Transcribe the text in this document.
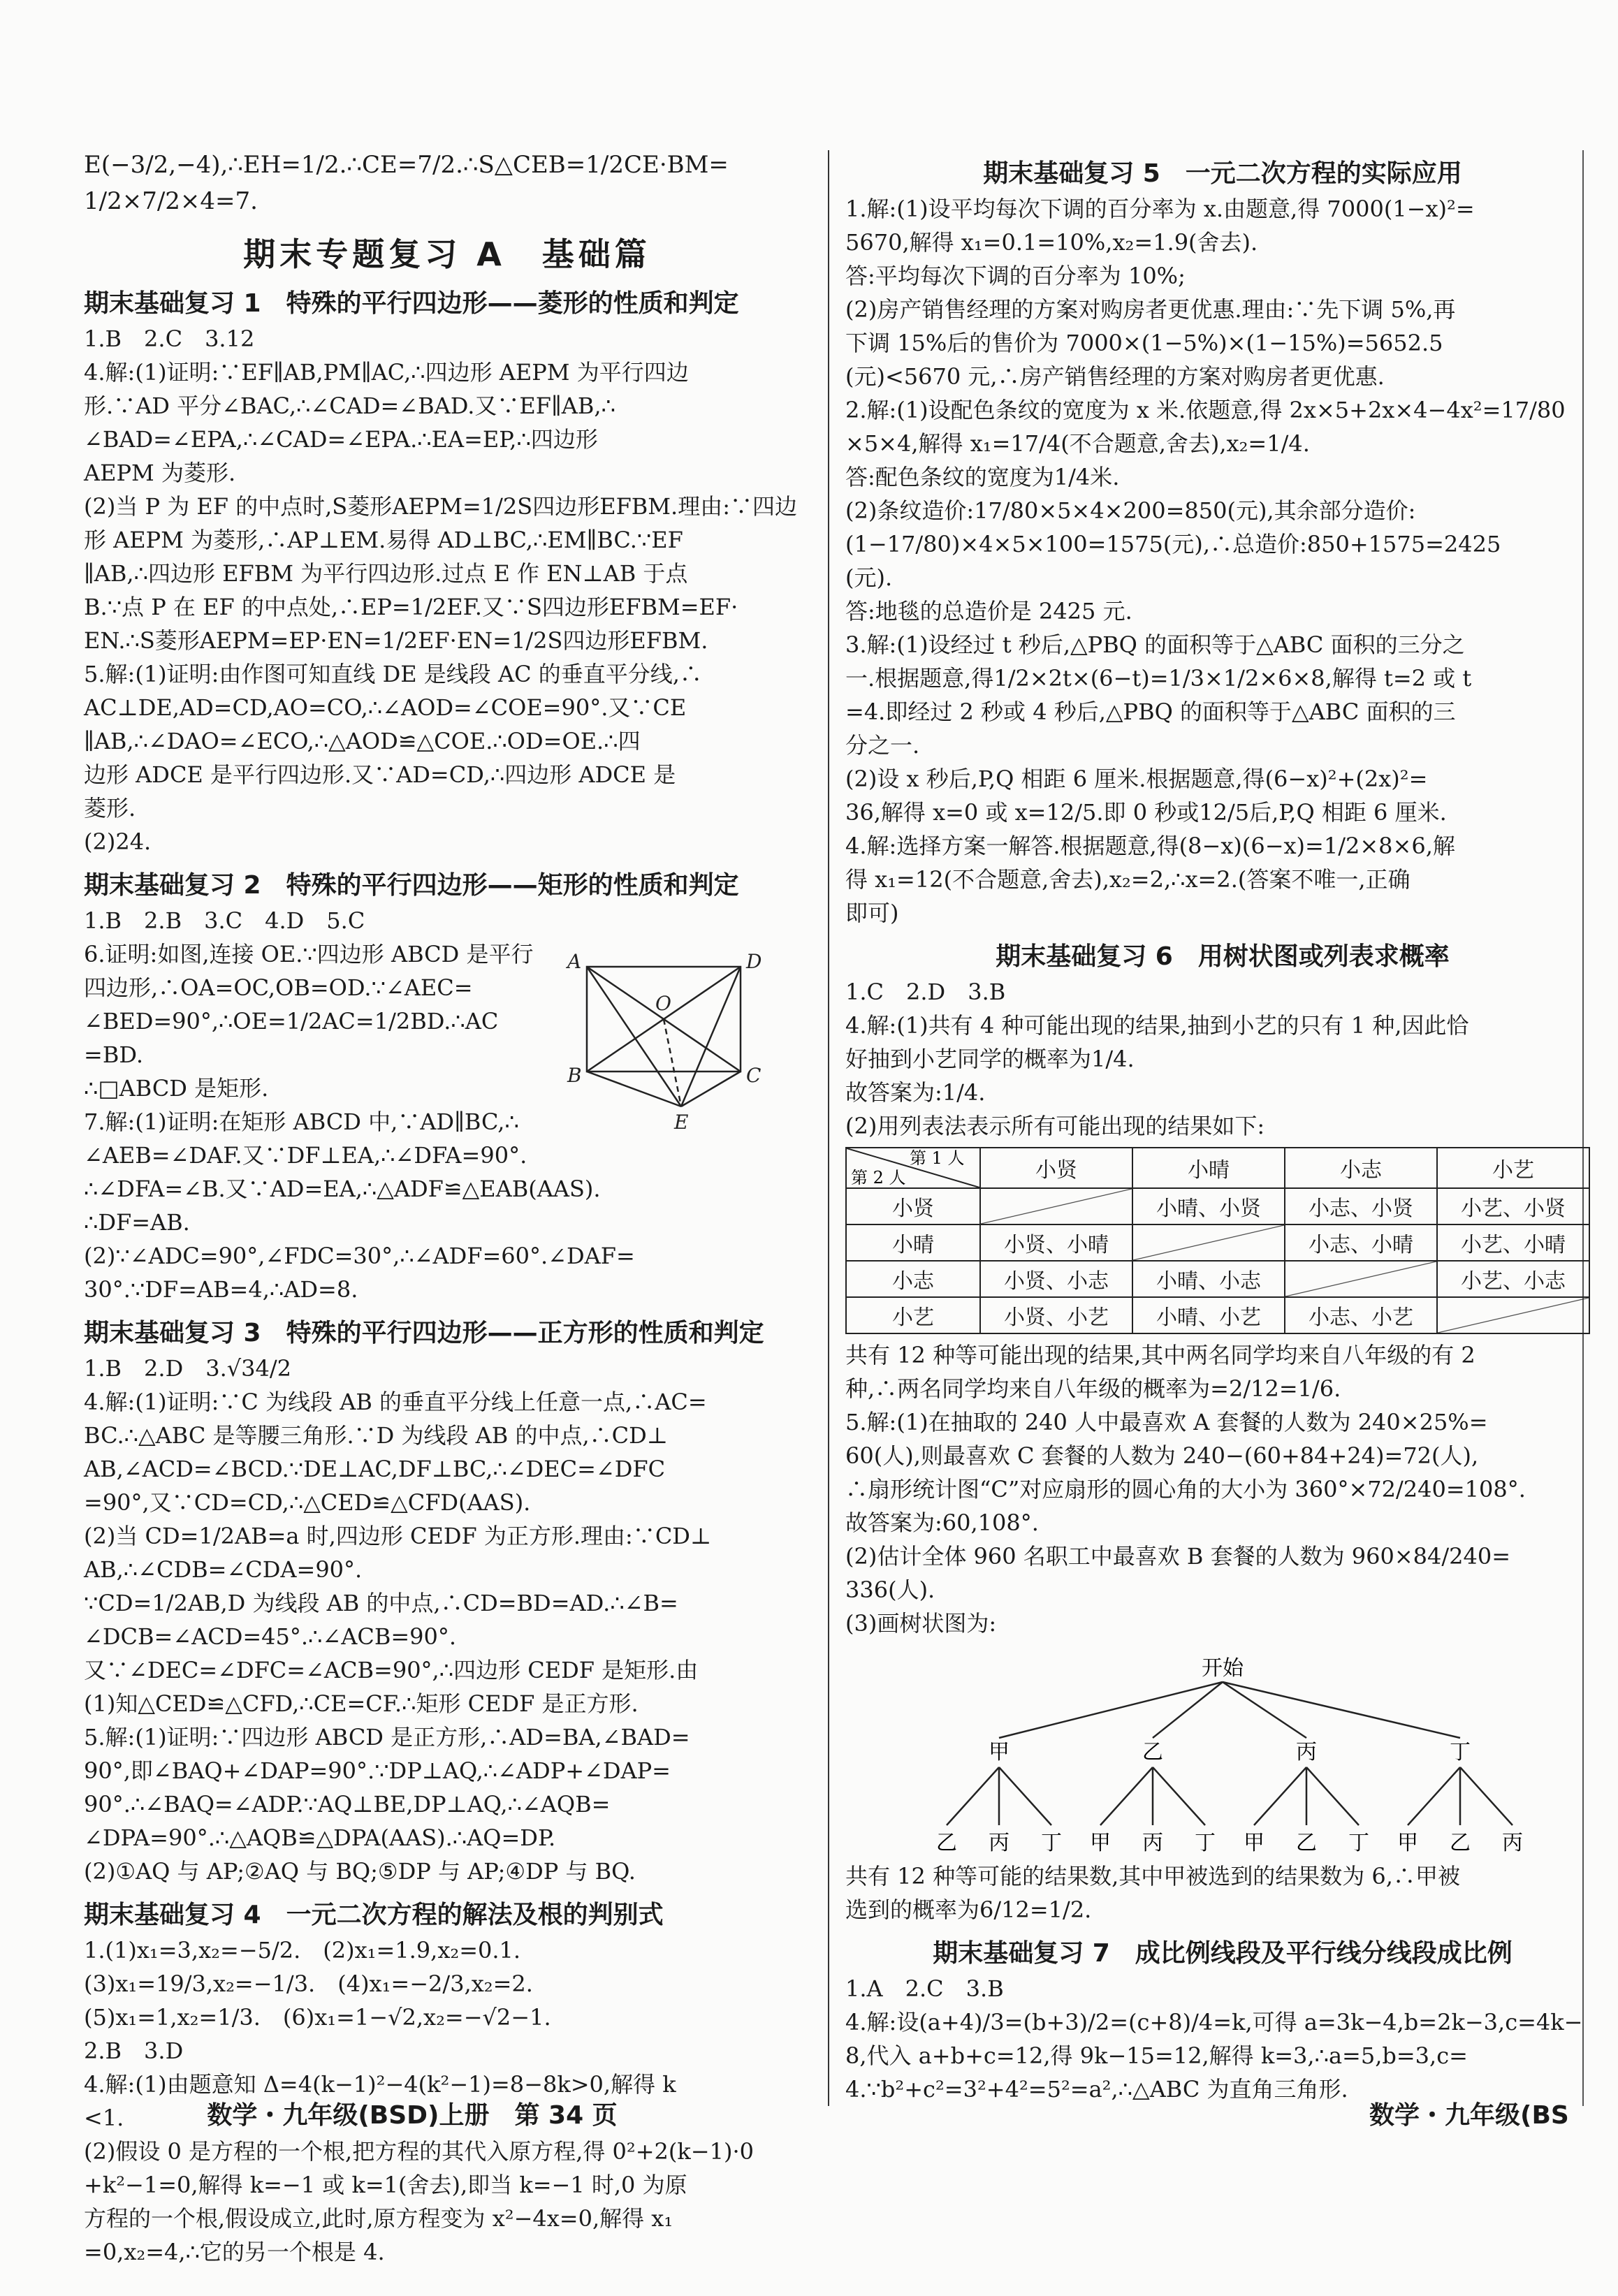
E(−3/2,−4),∴EH=1/2.∴CE=7/2.∴S△CEB=1/2CE·BM=

1/2×7/2×4=7.

期末专题复习 A　基础篇
期末基础复习 1　特殊的平行四边形——菱形的性质和判定

1.B　2.C　3.12

4.解:(1)证明:∵EF∥AB,PM∥AC,∴四边形 AEPM 为平行四边

形.∵AD 平分∠BAC,∴∠CAD=∠BAD.又∵EF∥AB,∴

∠BAD=∠EPA,∴∠CAD=∠EPA.∴EA=EP,∴四边形

AEPM 为菱形.

(2)当 P 为 EF 的中点时,S菱形AEPM=1/2S四边形EFBM.理由:∵四边

形 AEPM 为菱形,∴AP⊥EM.易得 AD⊥BC,∴EM∥BC.∵EF

∥AB,∴四边形 EFBM 为平行四边形.过点 E 作 EN⊥AB 于点

B.∵点 P 在 EF 的中点处,∴EP=1/2EF.又∵S四边形EFBM=EF·

EN.∴S菱形AEPM=EP·EN=1/2EF·EN=1/2S四边形EFBM.

5.解:(1)证明:由作图可知直线 DE 是线段 AC 的垂直平分线,∴

AC⊥DE,AD=CD,AO=CO,∴∠AOD=∠COE=90°.又∵CE

∥AB,∴∠DAO=∠ECO,∴△AOD≌△COE.∴OD=OE.∴四

边形 ADCE 是平行四边形.又∵AD=CD,∴四边形 ADCE 是

菱形.

(2)24.

期末基础复习 2　特殊的平行四边形——矩形的性质和判定

1.B　2.B　3.C　4.D　5.C

6.证明:如图,连接 OE.∵四边形 ABCD 是平行

四边形,∴OA=OC,OB=OD.∵∠AEC=

∠BED=90°,∴OE=1/2AC=1/2BD.∴AC

=BD.

∴□ABCD 是矩形.

7.解:(1)证明:在矩形 ABCD 中,∵AD∥BC,∴

∠AEB=∠DAF.又∵DF⊥EA,∴∠DFA=90°.

∴∠DFA=∠B.又∵AD=EA,∴△ADF≌△EAB(AAS).

∴DF=AB.

(2)∵∠ADC=90°,∠FDC=30°,∴∠ADF=60°.∠DAF=

30°.∵DF=AB=4,∴AD=8.

A	D
O
B	C
E
期末基础复习 3　特殊的平行四边形——正方形的性质和判定

1.B　2.D　3.√34/2

4.解:(1)证明:∵C 为线段 AB 的垂直平分线上任意一点,∴AC=

BC.∴△ABC 是等腰三角形.∵D 为线段 AB 的中点,∴CD⊥

AB,∠ACD=∠BCD.∵DE⊥AC,DF⊥BC,∴∠DEC=∠DFC

=90°,又∵CD=CD,∴△CED≌△CFD(AAS).

(2)当 CD=1/2AB=a 时,四边形 CEDF 为正方形.理由:∵CD⊥

AB,∴∠CDB=∠CDA=90°.

∵CD=1/2AB,D 为线段 AB 的中点,∴CD=BD=AD.∴∠B=

∠DCB=∠ACD=45°.∴∠ACB=90°.

又∵∠DEC=∠DFC=∠ACB=90°,∴四边形 CEDF 是矩形.由

(1)知△CED≌△CFD,∴CE=CF.∴矩形 CEDF 是正方形.

5.解:(1)证明:∵四边形 ABCD 是正方形,∴AD=BA,∠BAD=

90°,即∠BAQ+∠DAP=90°.∵DP⊥AQ,∴∠ADP+∠DAP=

90°.∴∠BAQ=∠ADP.∵AQ⊥BE,DP⊥AQ,∴∠AQB=

∠DPA=90°.∴△AQB≌△DPA(AAS).∴AQ=DP.

(2)①AQ 与 AP;②AQ 与 BQ;⑤DP 与 AP;④DP 与 BQ.

期末基础复习 4　一元二次方程的解法及根的判别式

1.(1)x₁=3,x₂=−5/2.　(2)x₁=1.9,x₂=0.1.

(3)x₁=19/3,x₂=−1/3.　(4)x₁=−2/3,x₂=2.

(5)x₁=1,x₂=1/3.　(6)x₁=1−√2,x₂=−√2−1.

2.B　3.D

4.解:(1)由题意知 Δ=4(k−1)²−4(k²−1)=8−8k>0,解得 k

<1.

(2)假设 0 是方程的一个根,把方程的其代入原方程,得 0²+2(k−1)·0

+k²−1=0,解得 k=−1 或 k=1(舍去),即当 k=−1 时,0 为原

方程的一个根,假设成立,此时,原方程变为 x²−4x=0,解得 x₁

=0,x₂=4,∴它的另一个根是 4.

期末基础复习 5　一元二次方程的实际应用

1.解:(1)设平均每次下调的百分率为 x.由题意,得 7000(1−x)²=

5670,解得 x₁=0.1=10%,x₂=1.9(舍去).

答:平均每次下调的百分率为 10%;

(2)房产销售经理的方案对购房者更优惠.理由:∵先下调 5%,再

下调 15%后的售价为 7000×(1−5%)×(1−15%)=5652.5

(元)<5670 元,∴房产销售经理的方案对购房者更优惠.

2.解:(1)设配色条纹的宽度为 x 米.依题意,得 2x×5+2x×4−4x²=17/80

×5×4,解得 x₁=17/4(不合题意,舍去),x₂=1/4.

答:配色条纹的宽度为1/4米.

(2)条纹造价:17/80×5×4×200=850(元),其余部分造价:

(1−17/80)×4×5×100=1575(元),∴总造价:850+1575=2425

(元).

答:地毯的总造价是 2425 元.

3.解:(1)设经过 t 秒后,△PBQ 的面积等于△ABC 面积的三分之

一.根据题意,得1/2×2t×(6−t)=1/3×1/2×6×8,解得 t=2 或 t

=4.即经过 2 秒或 4 秒后,△PBQ 的面积等于△ABC 面积的三

分之一.

(2)设 x 秒后,P,Q 相距 6 厘米.根据题意,得(6−x)²+(2x)²=

36,解得 x=0 或 x=12/5.即 0 秒或12/5后,P,Q 相距 6 厘米.

4.解:选择方案一解答.根据题意,得(8−x)(6−x)=1/2×8×6,解

得 x₁=12(不合题意,舍去),x₂=2,∴x=2.(答案不唯一,正确

即可)

期末基础复习 6　用树状图或列表求概率

1.C　2.D　3.B

4.解:(1)共有 4 种可能出现的结果,抽到小艺的只有 1 种,因此恰

好抽到小艺同学的概率为1/4.

故答案为:1/4.

(2)用列表法表示所有可能出现的结果如下:

第 1 人
第 2 人	小贤	小晴	小志	小艺
小贤		小晴、小贤	小志、小贤	小艺、小贤
小晴	小贤、小晴		小志、小晴	小艺、小晴
小志	小贤、小志	小晴、小志		小艺、小志
小艺	小贤、小艺	小晴、小艺	小志、小艺	

共有 12 种等可能出现的结果,其中两名同学均来自八年级的有 2

种,∴两名同学均来自八年级的概率为=2/12=1/6.

5.解:(1)在抽取的 240 人中最喜欢 A 套餐的人数为 240×25%=

60(人),则最喜欢 C 套餐的人数为 240−(60+84+24)=72(人),

∴扇形统计图“C”对应扇形的圆心角的大小为 360°×72/240=108°.

故答案为:60,108°.

(2)估计全体 960 名职工中最喜欢 B 套餐的人数为 960×84/240=

336(人).

(3)画树状图为:

开始
甲
乙 丙 丁
乙
甲 丙 丁
丙
甲 乙 丁
丁
甲 乙 丙

共有 12 种等可能的结果数,其中甲被选到的结果数为 6,∴甲被

选到的概率为6/12=1/2.

期末基础复习 7　成比例线段及平行线分线段成比例

1.A　2.C　3.B

4.解:设(a+4)/3=(b+3)/2=(c+8)/4=k,可得 a=3k−4,b=2k−3,c=4k−

8,代入 a+b+c=12,得 9k−15=12,解得 k=3,∴a=5,b=3,c=

4.∵b²+c²=3²+4²=5²=a²,∴△ABC 为直角三角形.

数学・九年级(BSD)上册　第 34 页	数学・九年级(BS
